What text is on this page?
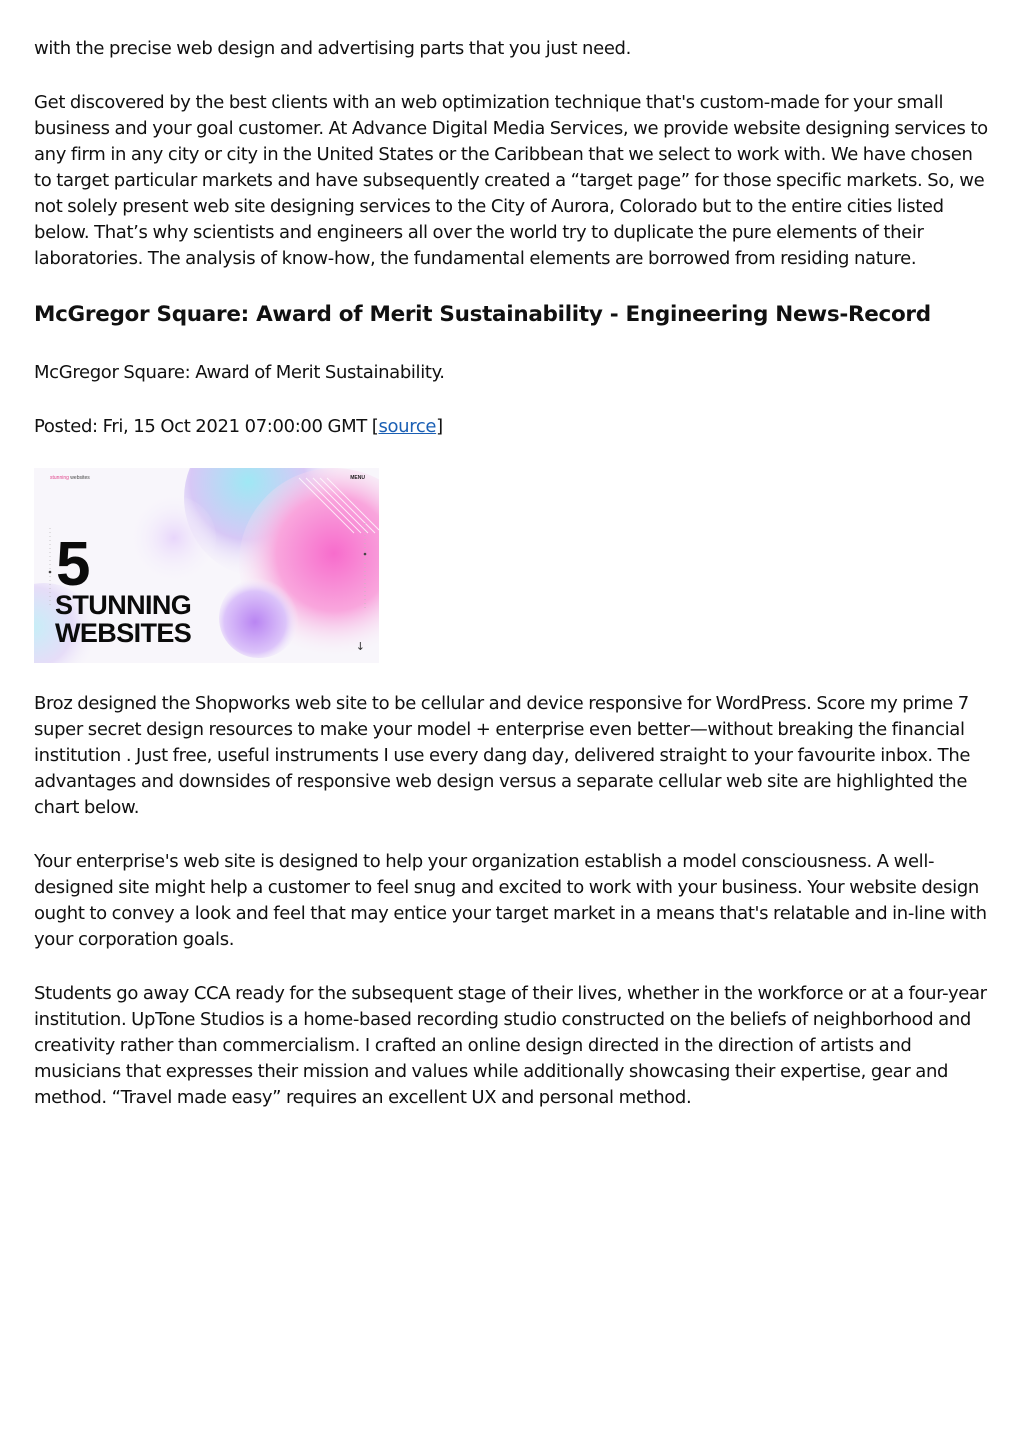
with the precise web design and advertising parts that you just need.

Get discovered by the best clients with an web optimization technique that's custom-made for your small business and your goal customer. At Advance Digital Media Services, we provide website designing services to any firm in any city or city in the United States or the Caribbean that we select to work with. We have chosen to target particular markets and have subsequently created a “target page” for those specific markets. So, we not solely present web site designing services to the City of Aurora, Colorado but to the entire cities listed below. That’s why scientists and engineers all over the world try to duplicate the pure elements of their laboratories. The analysis of know-how, the fundamental elements are borrowed from residing nature.

McGregor Square: Award of Merit Sustainability - Engineering News-Record

McGregor Square: Award of Merit Sustainability.

Posted: Fri, 15 Oct 2021 07:00:00 GMT [source]

stunning websites	MENU
5
STUNNING
WEBSITES	↓

Broz designed the Shopworks web site to be cellular and device responsive for WordPress. Score my prime 7 super secret design resources to make your model + enterprise even better—without breaking the financial institution . Just free, useful instruments I use every dang day, delivered straight to your favourite inbox. The advantages and downsides of responsive web design versus a separate cellular web site are highlighted the chart below.

Your enterprise's web site is designed to help your organization establish a model consciousness. A well-designed site might help a customer to feel snug and excited to work with your business. Your website design ought to convey a look and feel that may entice your target market in a means that's relatable and in-line with your corporation goals.

Students go away CCA ready for the subsequent stage of their lives, whether in the workforce or at a four-year institution. UpTone Studios is a home-based recording studio constructed on the beliefs of neighborhood and creativity rather than commercialism. I crafted an online design directed in the direction of artists and musicians that expresses their mission and values while additionally showcasing their expertise, gear and method. “Travel made easy” requires an excellent UX and personal method.
